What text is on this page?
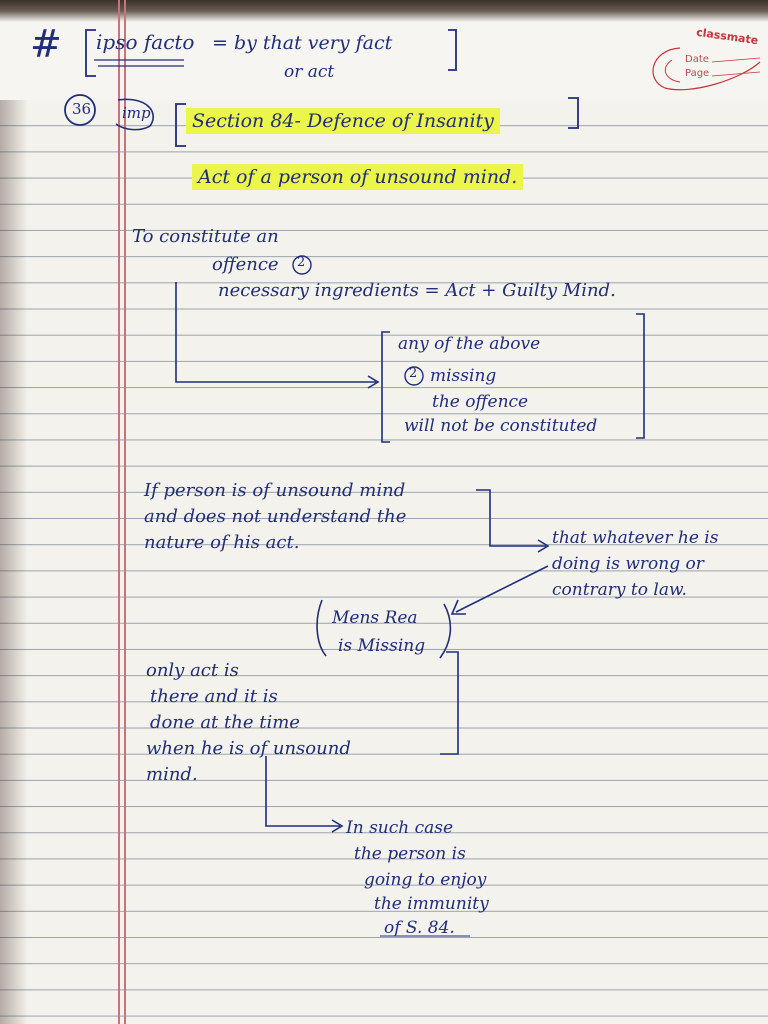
classmate
Date
Page
# ipso facto = by that very fact
or act
36 imp	Section 84- Defence of Insanity
Act of a person of unsound mind.
To constitute an
offence 2
necessary ingredients = Act + Guilty Mind.
any of the above
2 missing
the offence
will not be constituted
If person is of unsound mind
and does not understand the
nature of his act.	that whatever he is
doing is wrong or
contrary to law.
Mens Rea
is Missing
only act is
there and it is
done at the time
when he is of unsound
mind.
In such case
the person is
going to enjoy
the immunity
of S. 84.
